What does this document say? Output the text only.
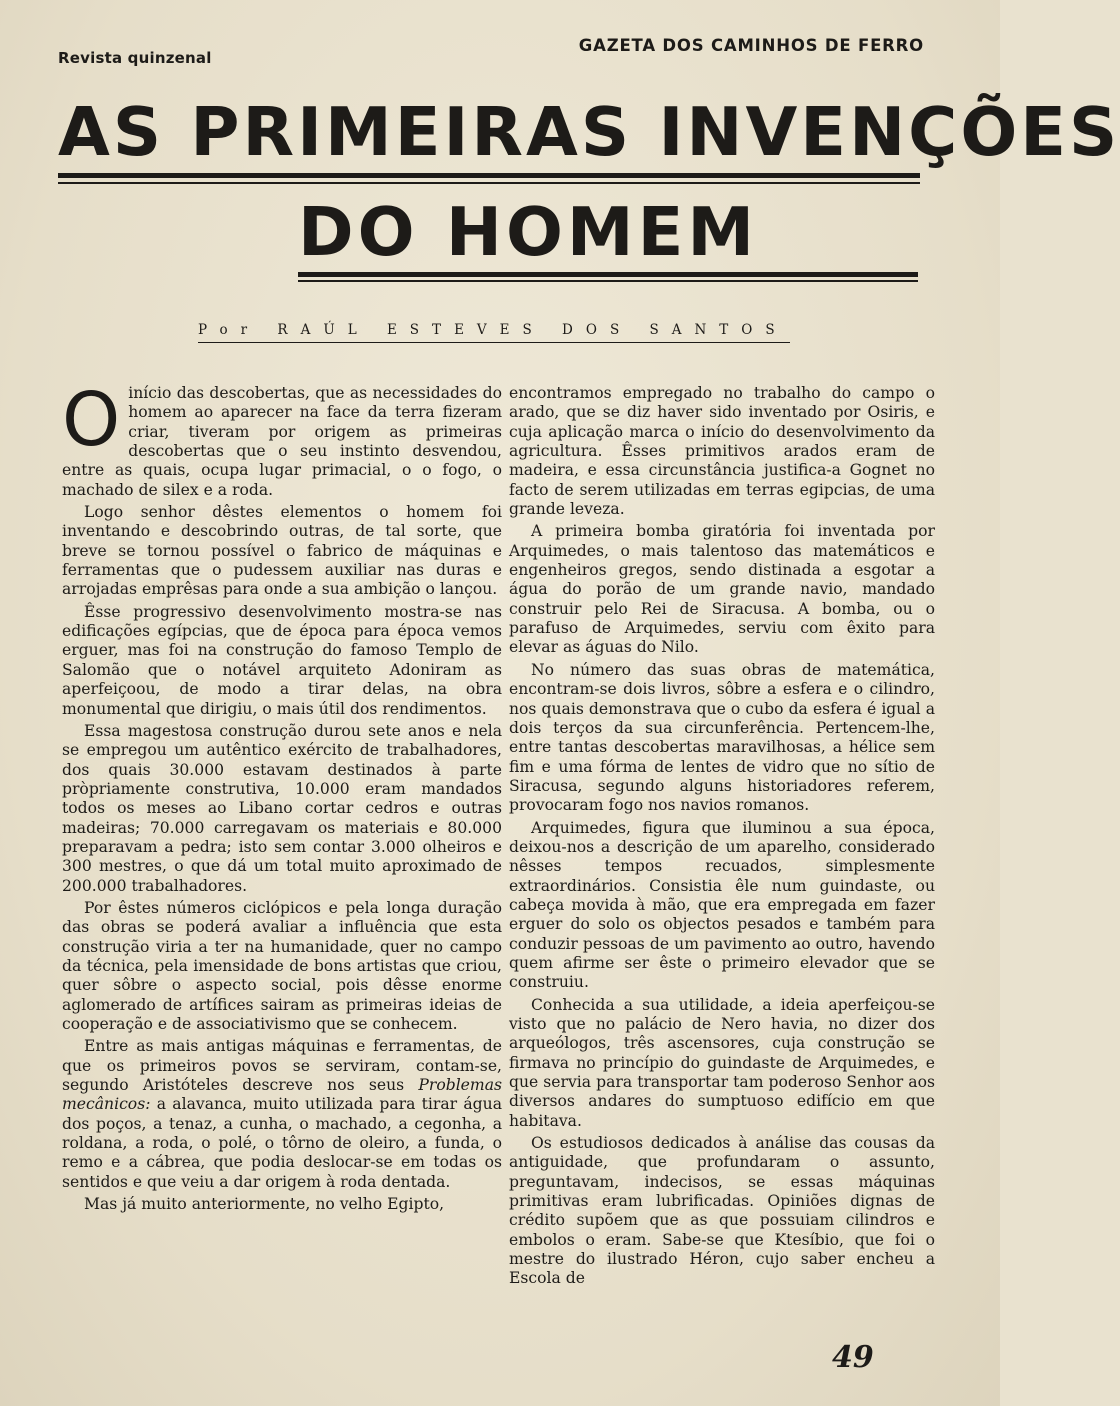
Revista quinzenal
GAZETA DOS CAMINHOS DE FERRO
AS PRIMEIRAS INVENÇÕES
DO HOMEM
Por RAÚL ESTEVES DOS SANTOS

Oinício das descobertas, que as necessidades do homem ao aparecer na face da terra fizeram criar, tiveram por origem as primeiras descobertas que o seu instinto desvendou, entre as quais, ocupa lugar primacial, o o fogo, o machado de silex e a roda.

Logo senhor dêstes elementos o homem foi inventando e descobrindo outras, de tal sorte, que breve se tornou possível o fabrico de máquinas e ferramentas que o pudessem auxiliar nas duras e arrojadas emprêsas para onde a sua ambição o lançou.

Êsse progressivo desenvolvimento mostra-se nas edificações egípcias, que de época para época vemos erguer, mas foi na construção do famoso Templo de Salomão que o notável arquiteto Adoniram as aperfeiçoou, de modo a tirar delas, na obra monumental que dirigiu, o mais útil dos rendimentos.

Essa magestosa construção durou sete anos e nela se empregou um autêntico exército de trabalhadores, dos quais 30.000 estavam destinados à parte pròpriamente construtiva, 10.000 eram mandados todos os meses ao Libano cortar cedros e outras madeiras; 70.000 carregavam os materiais e 80.000 preparavam a pedra; isto sem contar 3.000 olheiros e 300 mestres, o que dá um total muito aproximado de 200.000 trabalhadores.

Por êstes números ciclópicos e pela longa duração das obras se poderá avaliar a influência que esta construção viria a ter na humanidade, quer no campo da técnica, pela imensidade de bons artistas que criou, quer sôbre o aspecto social, pois dêsse enorme aglomerado de artífices sairam as primeiras ideias de cooperação e de associativismo que se conhecem.

Entre as mais antigas máquinas e ferramentas, de que os primeiros povos se serviram, contam-se, segundo Aristóteles descreve nos seus Problemas mecânicos: a alavanca, muito utilizada para tirar água dos poços, a tenaz, a cunha, o machado, a cegonha, a roldana, a roda, o polé, o tôrno de oleiro, a funda, o remo e a cábrea, que podia deslocar-se em todas os sentidos e que veiu a dar origem à roda dentada.

Mas já muito anteriormente, no velho Egipto,

encontramos empregado no trabalho do campo o arado, que se diz haver sido inventado por Osiris, e cuja aplicação marca o início do desenvolvimento da agricultura. Êsses primitivos arados eram de madeira, e essa circunstância justifica-a Gognet no facto de serem utilizadas em terras egipcias, de uma grande leveza.

A primeira bomba giratória foi inventada por Arquimedes, o mais talentoso das matemáticos e engenheiros gregos, sendo distinada a esgotar a água do porão de um grande navio, mandado construir pelo Rei de Siracusa. A bomba, ou o parafuso de Arquimedes, serviu com êxito para elevar as águas do Nilo.

No número das suas obras de matemática, encontram-se dois livros, sôbre a esfera e o cilindro, nos quais demonstrava que o cubo da esfera é igual a dois terços da sua circunferência. Pertencem-lhe, entre tantas descobertas maravilhosas, a hélice sem fim e uma fórma de lentes de vidro que no sítio de Siracusa, segundo alguns historiadores referem, provocaram fogo nos navios romanos.

Arquimedes, figura que iluminou a sua época, deixou-nos a descrição de um aparelho, considerado nêsses tempos recuados, simplesmente extraordinários. Consistia êle num guindaste, ou cabeça movida à mão, que era empregada em fazer erguer do solo os objectos pesados e também para conduzir pessoas de um pavimento ao outro, havendo quem afirme ser êste o primeiro elevador que se construiu.

Conhecida a sua utilidade, a ideia aperfeiçou-se visto que no palácio de Nero havia, no dizer dos arqueólogos, três ascensores, cuja construção se firmava no princípio do guindaste de Arquimedes, e que servia para transportar tam poderoso Senhor aos diversos andares do sumptuoso edifício em que habitava.

Os estudiosos dedicados à análise das cousas da antiguidade, que profundaram o assunto, preguntavam, indecisos, se essas máquinas primitivas eram lubrificadas. Opiniões dignas de crédito supõem que as que possuiam cilindros e embolos o eram. Sabe-se que Ktesíbio, que foi o mestre do ilustrado Héron, cujo saber encheu a Escola de

49
